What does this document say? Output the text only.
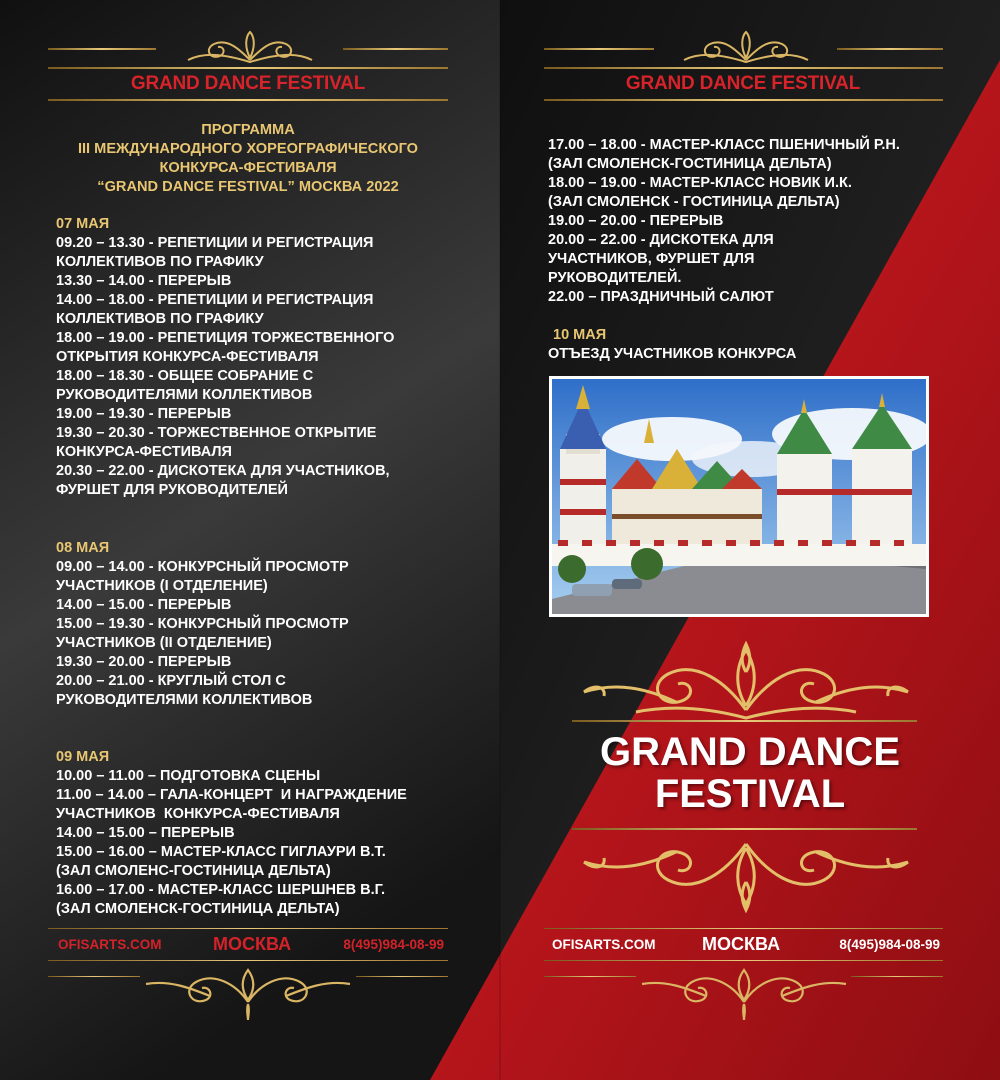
GRAND DANCE FESTIVAL
ПРОГРАММА
III МЕЖДУНАРОДНОГО ХОРЕОГРАФИЧЕСКОГО
КОНКУРСА-ФЕСТИВАЛЯ
“GRAND DANCE FESTIVAL” МОСКВА 2022
07 МАЯ
09.20 – 13.30 - РЕПЕТИЦИИ И РЕГИСТРАЦИЯ
КОЛЛЕКТИВОВ ПО ГРАФИКУ
13.30 – 14.00 - ПЕРЕРЫВ
14.00 – 18.00 - РЕПЕТИЦИИ И РЕГИСТРАЦИЯ
КОЛЛЕКТИВОВ ПО ГРАФИКУ
18.00 – 19.00 - РЕПЕТИЦИЯ ТОРЖЕСТВЕННОГО
ОТКРЫТИЯ КОНКУРСА-ФЕСТИВАЛЯ
18.00 – 18.30 - ОБЩЕЕ СОБРАНИЕ С
РУКОВОДИТЕЛЯМИ КОЛЛЕКТИВОВ
19.00 – 19.30 - ПЕРЕРЫВ
19.30 – 20.30 - ТОРЖЕСТВЕННОЕ ОТКРЫТИЕ
КОНКУРСА-ФЕСТИВАЛЯ
20.30 – 22.00 - ДИСКОТЕКА ДЛЯ УЧАСТНИКОВ,
ФУРШЕТ ДЛЯ РУКОВОДИТЕЛЕЙ
08 МАЯ
09.00 – 14.00 - КОНКУРСНЫЙ ПРОСМОТР
УЧАСТНИКОВ (I ОТДЕЛЕНИЕ)
14.00 – 15.00 - ПЕРЕРЫВ
15.00 – 19.30 - КОНКУРСНЫЙ ПРОСМОТР
УЧАСТНИКОВ (II ОТДЕЛЕНИЕ)
19.30 – 20.00 - ПЕРЕРЫВ
20.00 – 21.00 - КРУГЛЫЙ СТОЛ С
РУКОВОДИТЕЛЯМИ КОЛЛЕКТИВОВ
09 МАЯ
10.00 – 11.00 – ПОДГОТОВКА СЦЕНЫ
11.00 – 14.00 – ГАЛА-КОНЦЕРТ  И НАГРАЖДЕНИЕ
УЧАСТНИКОВ  КОНКУРСА-ФЕСТИВАЛЯ
14.00 – 15.00 – ПЕРЕРЫВ
15.00 – 16.00 – МАСТЕР-КЛАСС ГИГЛАУРИ В.Т.
(ЗАЛ СМОЛЕНС-ГОСТИНИЦА ДЕЛЬТА)
16.00 – 17.00 - МАСТЕР-КЛАСС ШЕРШНЕВ В.Г.
(ЗАЛ СМОЛЕНСК-ГОСТИНИЦА ДЕЛЬТА)
OFISARTS.COM	МОСКВА	8(495)984-08-99
GRAND DANCE FESTIVAL
17.00 – 18.00 - МАСТЕР-КЛАСС ПШЕНИЧНЫЙ Р.Н.
(ЗАЛ СМОЛЕНСК-ГОСТИНИЦА ДЕЛЬТА)
18.00 – 19.00 - МАСТЕР-КЛАСС НОВИК И.К.
(ЗАЛ СМОЛЕНСК - ГОСТИНИЦА ДЕЛЬТА)
19.00 – 20.00 - ПЕРЕРЫВ
20.00 – 22.00 - ДИСКОТЕКА ДЛЯ
УЧАСТНИКОВ, ФУРШЕТ ДЛЯ
РУКОВОДИТЕЛЕЙ.
22.00 – ПРАЗДНИЧНЫЙ САЛЮТ
10 МАЯ
ОТЪЕЗД УЧАСТНИКОВ КОНКУРСА
GRAND DANCE
FESTIVAL
OFISARTS.COM	МОСКВА	8(495)984-08-99
